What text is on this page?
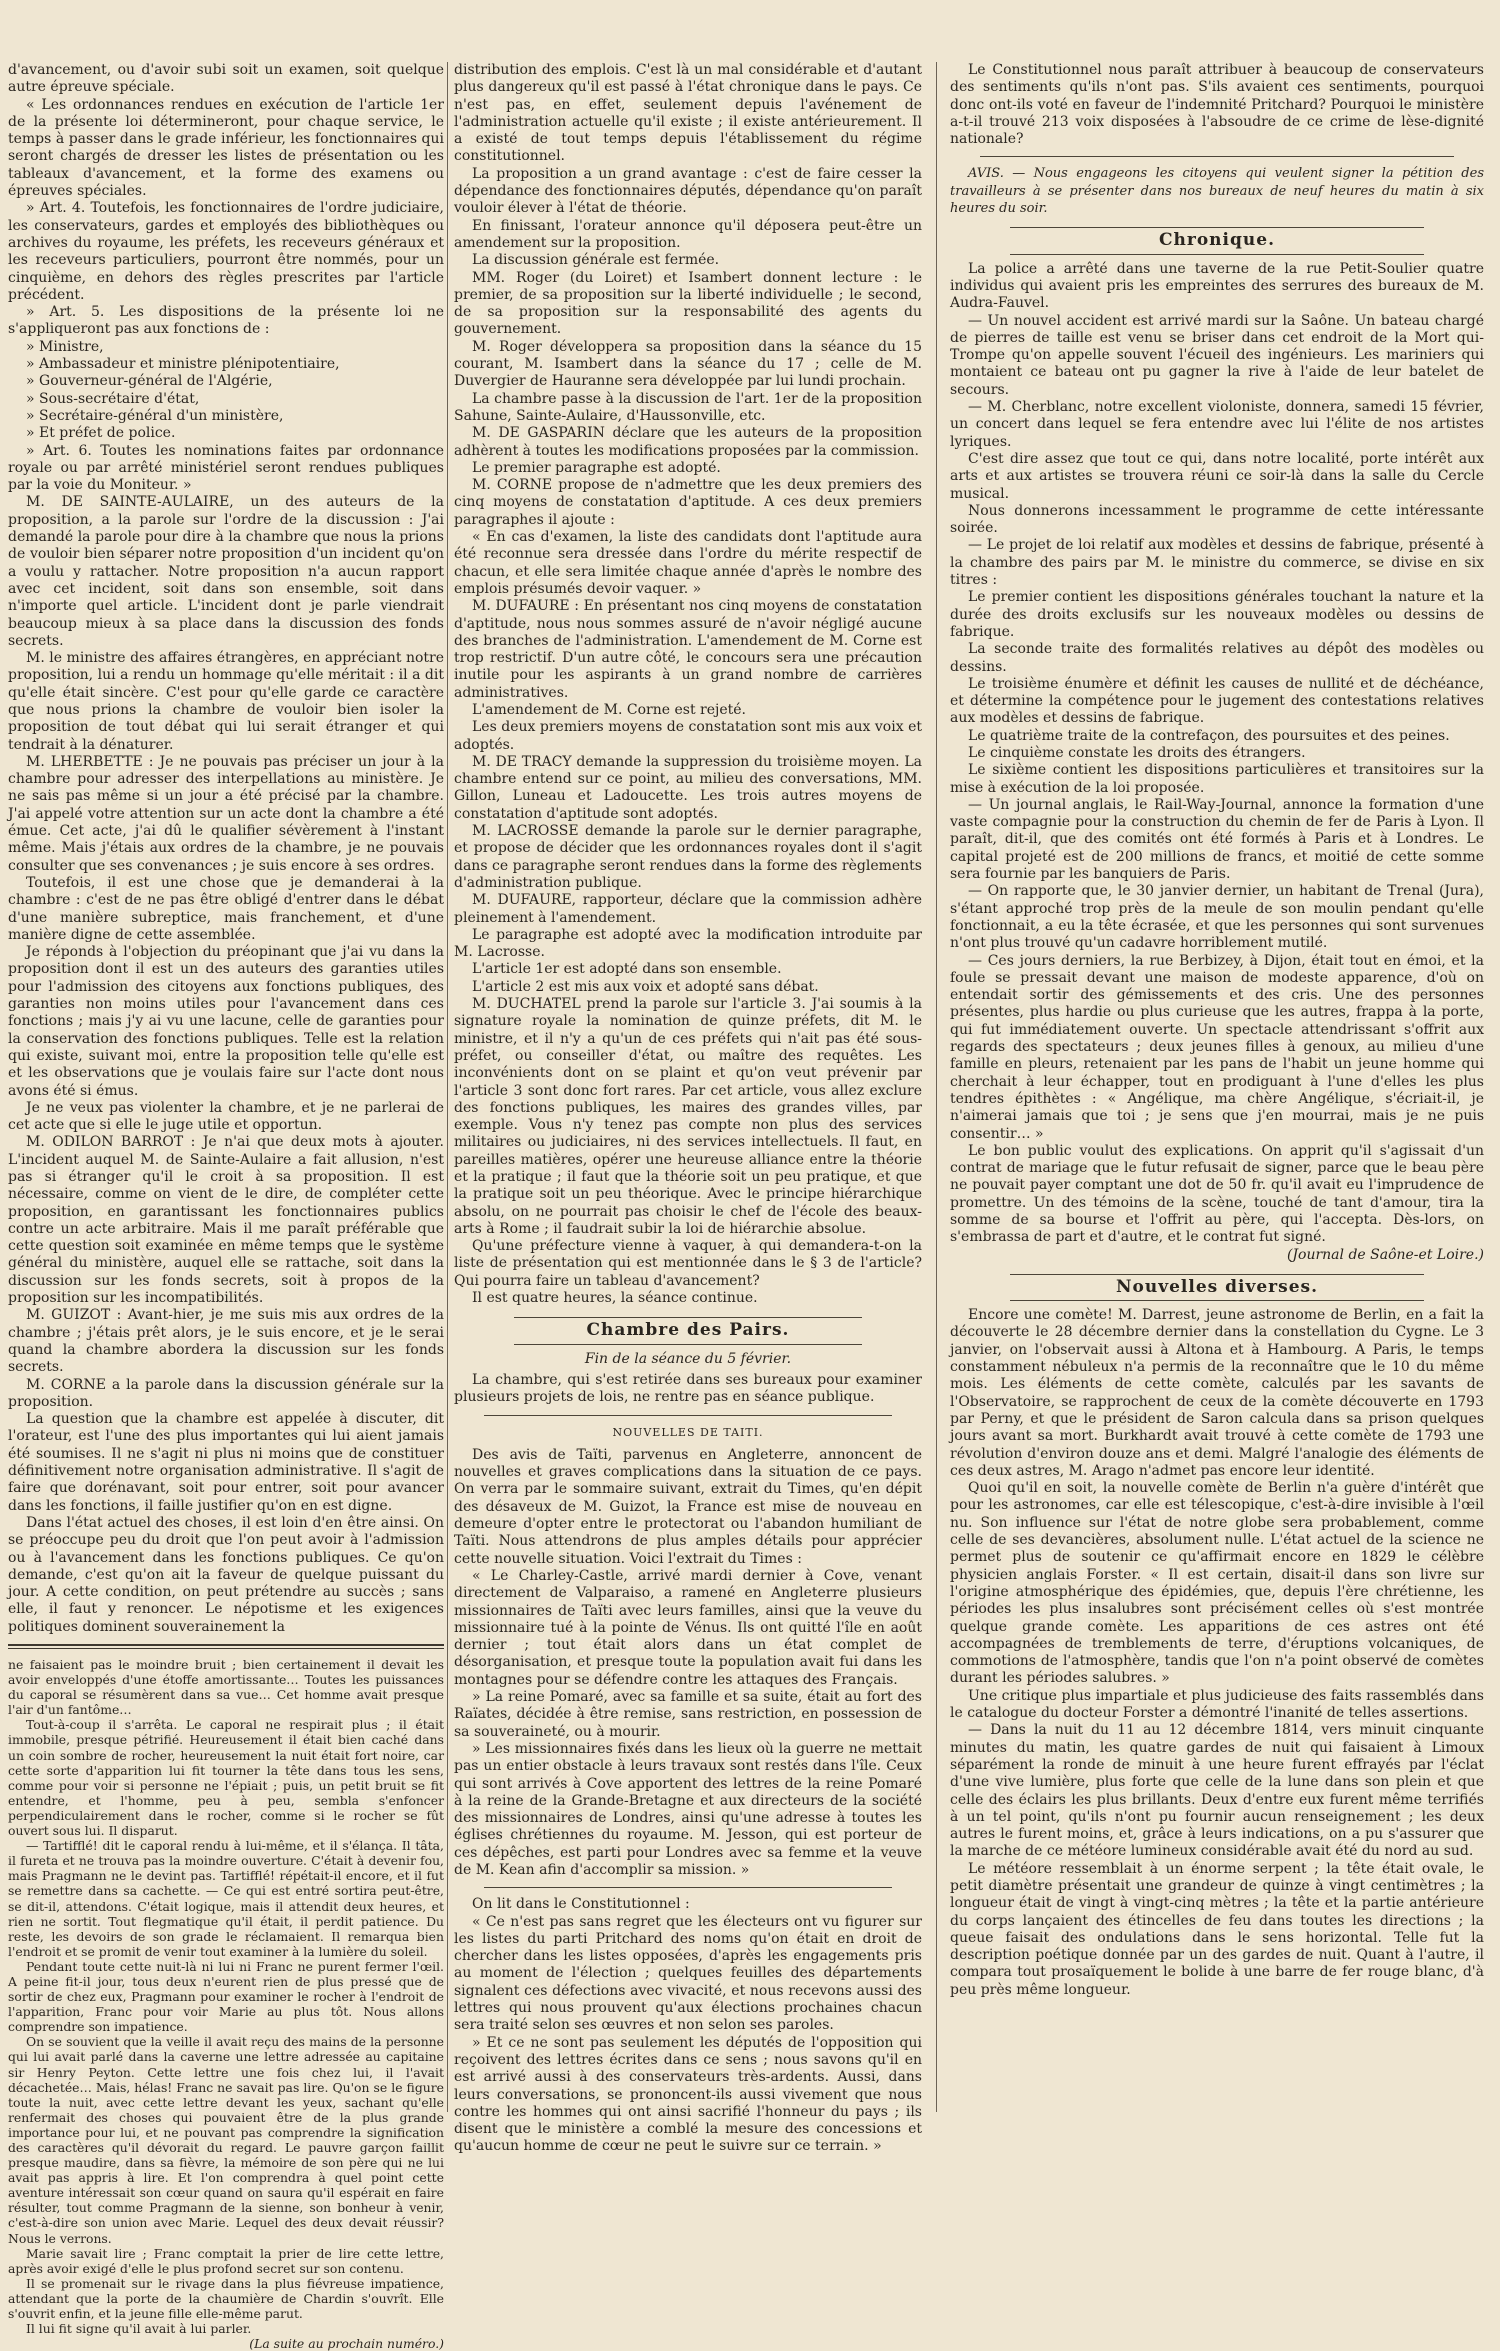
d'avancement, ou d'avoir subi soit un examen, soit quelque autre épreuve spéciale.

« Les ordonnances rendues en exécution de l'article 1er de la présente loi détermineront, pour chaque service, le temps à passer dans le grade inférieur, les fonctionnaires qui seront chargés de dresser les listes de présentation ou les tableaux d'avancement, et la forme des examens ou épreuves spéciales.

» Art. 4. Toutefois, les fonctionnaires de l'ordre judiciaire, les conservateurs, gardes et employés des bibliothèques ou archives du royaume, les préfets, les receveurs généraux et les receveurs particuliers, pourront être nommés, pour un cinquième, en dehors des règles prescrites par l'article précédent.

» Art. 5. Les dispositions de la présente loi ne s'appliqueront pas aux fonctions de :

» Ministre,

» Ambassadeur et ministre plénipotentiaire,

» Gouverneur-général de l'Algérie,

» Sous-secrétaire d'état,

» Secrétaire-général d'un ministère,

» Et préfet de police.

» Art. 6. Toutes les nominations faites par ordonnance royale ou par arrêté ministériel seront rendues publiques par la voie du Moniteur. »

M. DE SAINTE-AULAIRE, un des auteurs de la proposition, a la parole sur l'ordre de la discussion : J'ai demandé la parole pour dire à la chambre que nous la prions de vouloir bien séparer notre proposition d'un incident qu'on a voulu y rattacher. Notre proposition n'a aucun rapport avec cet incident, soit dans son ensemble, soit dans n'importe quel article. L'incident dont je parle viendrait beaucoup mieux à sa place dans la discussion des fonds secrets.

M. le ministre des affaires étrangères, en appréciant notre proposition, lui a rendu un hommage qu'elle méritait : il a dit qu'elle était sincère. C'est pour qu'elle garde ce caractère que nous prions la chambre de vouloir bien isoler la proposition de tout débat qui lui serait étranger et qui tendrait à la dénaturer.

M. LHERBETTE : Je ne pouvais pas préciser un jour à la chambre pour adresser des interpellations au ministère. Je ne sais pas même si un jour a été précisé par la chambre. J'ai appelé votre attention sur un acte dont la chambre a été émue. Cet acte, j'ai dû le qualifier sévèrement à l'instant même. Mais j'étais aux ordres de la chambre, je ne pouvais consulter que ses convenances ; je suis encore à ses ordres.

Toutefois, il est une chose que je demanderai à la chambre : c'est de ne pas être obligé d'entrer dans le débat d'une manière subreptice, mais franchement, et d'une manière digne de cette assemblée.

Je réponds à l'objection du préopinant que j'ai vu dans la proposition dont il est un des auteurs des garanties utiles pour l'admission des citoyens aux fonctions publiques, des garanties non moins utiles pour l'avancement dans ces fonctions ; mais j'y ai vu une lacune, celle de garanties pour la conservation des fonctions publiques. Telle est la relation qui existe, suivant moi, entre la proposition telle qu'elle est et les observations que je voulais faire sur l'acte dont nous avons été si émus.

Je ne veux pas violenter la chambre, et je ne parlerai de cet acte que si elle le juge utile et opportun.

M. ODILON BARROT : Je n'ai que deux mots à ajouter. L'incident auquel M. de Sainte-Aulaire a fait allusion, n'est pas si étranger qu'il le croit à sa proposition. Il est nécessaire, comme on vient de le dire, de compléter cette proposition, en garantissant les fonctionnaires publics contre un acte arbitraire. Mais il me paraît préférable que cette question soit examinée en même temps que le système général du ministère, auquel elle se rattache, soit dans la discussion sur les fonds secrets, soit à propos de la proposition sur les incompatibilités.

M. GUIZOT : Avant-hier, je me suis mis aux ordres de la chambre ; j'étais prêt alors, je le suis encore, et je le serai quand la chambre abordera la discussion sur les fonds secrets.

M. CORNE a la parole dans la discussion générale sur la proposition.

La question que la chambre est appelée à discuter, dit l'orateur, est l'une des plus importantes qui lui aient jamais été soumises. Il ne s'agit ni plus ni moins que de constituer définitivement notre organisation administrative. Il s'agit de faire que dorénavant, soit pour entrer, soit pour avancer dans les fonctions, il faille justifier qu'on en est digne.

Dans l'état actuel des choses, il est loin d'en être ainsi. On se préoccupe peu du droit que l'on peut avoir à l'admission ou à l'avancement dans les fonctions publiques. Ce qu'on demande, c'est qu'on ait la faveur de quelque puissant du jour. A cette condition, on peut prétendre au succès ; sans elle, il faut y renoncer. Le népotisme et les exigences politiques dominent souverainement la

ne faisaient pas le moindre bruit ; bien certainement il devait les avoir enveloppés d'une étoffe amortissante… Toutes les puissances du caporal se résumèrent dans sa vue… Cet homme avait presque l'air d'un fantôme…

Tout-à-coup il s'arrêta. Le caporal ne respirait plus ; il était immobile, presque pétrifié. Heureusement il était bien caché dans un coin sombre de rocher, heureusement la nuit était fort noire, car cette sorte d'apparition lui fit tourner la tête dans tous les sens, comme pour voir si personne ne l'épiait ; puis, un petit bruit se fit entendre, et l'homme, peu à peu, sembla s'enfoncer perpendiculairement dans le rocher, comme si le rocher se fût ouvert sous lui. Il disparut.

— Tartifflé! dit le caporal rendu à lui-même, et il s'élança. Il tâta, il fureta et ne trouva pas la moindre ouverture. C'était à devenir fou, mais Pragmann ne le devint pas. Tartifflé! répétait-il encore, et il fut se remettre dans sa cachette. — Ce qui est entré sortira peut-être, se dit-il, attendons. C'était logique, mais il attendit deux heures, et rien ne sortit. Tout flegmatique qu'il était, il perdit patience. Du reste, les devoirs de son grade le réclamaient. Il remarqua bien l'endroit et se promit de venir tout examiner à la lumière du soleil.

Pendant toute cette nuit-là ni lui ni Franc ne purent fermer l'œil. A peine fit-il jour, tous deux n'eurent rien de plus pressé que de sortir de chez eux, Pragmann pour examiner le rocher à l'endroit de l'apparition, Franc pour voir Marie au plus tôt. Nous allons comprendre son impatience.

On se souvient que la veille il avait reçu des mains de la personne qui lui avait parlé dans la caverne une lettre adressée au capitaine sir Henry Peyton. Cette lettre une fois chez lui, il l'avait décachetée… Mais, hélas! Franc ne savait pas lire. Qu'on se le figure toute la nuit, avec cette lettre devant les yeux, sachant qu'elle renfermait des choses qui pouvaient être de la plus grande importance pour lui, et ne pouvant pas comprendre la signification des caractères qu'il dévorait du regard. Le pauvre garçon faillit presque maudire, dans sa fièvre, la mémoire de son père qui ne lui avait pas appris à lire. Et l'on comprendra à quel point cette aventure intéressait son cœur quand on saura qu'il espérait en faire résulter, tout comme Pragmann de la sienne, son bonheur à venir, c'est-à-dire son union avec Marie. Lequel des deux devait réussir? Nous le verrons.

Marie savait lire ; Franc comptait la prier de lire cette lettre, après avoir exigé d'elle le plus profond secret sur son contenu.

Il se promenait sur le rivage dans la plus fiévreuse impatience, attendant que la porte de la chaumière de Chardin s'ouvrît. Elle s'ouvrit enfin, et la jeune fille elle-même parut.

Il lui fit signe qu'il avait à lui parler.

(La suite au prochain numéro.)

distribution des emplois. C'est là un mal considérable et d'autant plus dangereux qu'il est passé à l'état chronique dans le pays. Ce n'est pas, en effet, seulement depuis l'avénement de l'administration actuelle qu'il existe ; il existe antérieurement. Il a existé de tout temps depuis l'établissement du régime constitutionnel.

La proposition a un grand avantage : c'est de faire cesser la dépendance des fonctionnaires députés, dépendance qu'on paraît vouloir élever à l'état de théorie.

En finissant, l'orateur annonce qu'il déposera peut-être un amendement sur la proposition.

La discussion générale est fermée.

MM. Roger (du Loiret) et Isambert donnent lecture : le premier, de sa proposition sur la liberté individuelle ; le second, de sa proposition sur la responsabilité des agents du gouvernement.

M. Roger développera sa proposition dans la séance du 15 courant, M. Isambert dans la séance du 17 ; celle de M. Duvergier de Hauranne sera développée par lui lundi prochain.

La chambre passe à la discussion de l'art. 1er de la proposition Sahune, Sainte-Aulaire, d'Haussonville, etc.

M. DE GASPARIN déclare que les auteurs de la proposition adhèrent à toutes les modifications proposées par la commission.

Le premier paragraphe est adopté.

M. CORNE propose de n'admettre que les deux premiers des cinq moyens de constatation d'aptitude. A ces deux premiers paragraphes il ajoute :

« En cas d'examen, la liste des candidats dont l'aptitude aura été reconnue sera dressée dans l'ordre du mérite respectif de chacun, et elle sera limitée chaque année d'après le nombre des emplois présumés devoir vaquer. »

M. DUFAURE : En présentant nos cinq moyens de constatation d'aptitude, nous nous sommes assuré de n'avoir négligé aucune des branches de l'administration. L'amendement de M. Corne est trop restrictif. D'un autre côté, le concours sera une précaution inutile pour les aspirants à un grand nombre de carrières administratives.

L'amendement de M. Corne est rejeté.

Les deux premiers moyens de constatation sont mis aux voix et adoptés.

M. DE TRACY demande la suppression du troisième moyen. La chambre entend sur ce point, au milieu des conversations, MM. Gillon, Luneau et Ladoucette. Les trois autres moyens de constatation d'aptitude sont adoptés.

M. LACROSSE demande la parole sur le dernier paragraphe, et propose de décider que les ordonnances royales dont il s'agit dans ce paragraphe seront rendues dans la forme des règlements d'administration publique.

M. DUFAURE, rapporteur, déclare que la commission adhère pleinement à l'amendement.

Le paragraphe est adopté avec la modification introduite par M. Lacrosse.

L'article 1er est adopté dans son ensemble.

L'article 2 est mis aux voix et adopté sans débat.

M. DUCHATEL prend la parole sur l'article 3. J'ai soumis à la signature royale la nomination de quinze préfets, dit M. le ministre, et il n'y a qu'un de ces préfets qui n'ait pas été sous-préfet, ou conseiller d'état, ou maître des requêtes. Les inconvénients dont on se plaint et qu'on veut prévenir par l'article 3 sont donc fort rares. Par cet article, vous allez exclure des fonctions publiques, les maires des grandes villes, par exemple. Vous n'y tenez pas compte non plus des services militaires ou judiciaires, ni des services intellectuels. Il faut, en pareilles matières, opérer une heureuse alliance entre la théorie et la pratique ; il faut que la théorie soit un peu pratique, et que la pratique soit un peu théorique. Avec le principe hiérarchique absolu, on ne pourrait pas choisir le chef de l'école des beaux-arts à Rome ; il faudrait subir la loi de hiérarchie absolue.

Qu'une préfecture vienne à vaquer, à qui demandera-t-on la liste de présentation qui est mentionnée dans le § 3 de l'article? Qui pourra faire un tableau d'avancement?

Il est quatre heures, la séance continue.

Chambre des Pairs.
Fin de la séance du 5 février.

La chambre, qui s'est retirée dans ses bureaux pour examiner plusieurs projets de lois, ne rentre pas en séance publique.

NOUVELLES DE TAITI.

Des avis de Taïti, parvenus en Angleterre, annoncent de nouvelles et graves complications dans la situation de ce pays. On verra par le sommaire suivant, extrait du Times, qu'en dépit des désaveux de M. Guizot, la France est mise de nouveau en demeure d'opter entre le protectorat ou l'abandon humiliant de Taïti. Nous attendrons de plus amples détails pour apprécier cette nouvelle situation. Voici l'extrait du Times :

« Le Charley-Castle, arrivé mardi dernier à Cove, venant directement de Valparaiso, a ramené en Angleterre plusieurs missionnaires de Taïti avec leurs familles, ainsi que la veuve du missionnaire tué à la pointe de Vénus. Ils ont quitté l'île en août dernier ; tout était alors dans un état complet de désorganisation, et presque toute la population avait fui dans les montagnes pour se défendre contre les attaques des Français.

» La reine Pomaré, avec sa famille et sa suite, était au fort des Raïates, décidée à être remise, sans restriction, en possession de sa souveraineté, ou à mourir.

» Les missionnaires fixés dans les lieux où la guerre ne mettait pas un entier obstacle à leurs travaux sont restés dans l'île. Ceux qui sont arrivés à Cove apportent des lettres de la reine Pomaré à la reine de la Grande-Bretagne et aux directeurs de la société des missionnaires de Londres, ainsi qu'une adresse à toutes les églises chrétiennes du royaume. M. Jesson, qui est porteur de ces dépêches, est parti pour Londres avec sa femme et la veuve de M. Kean afin d'accomplir sa mission. »

On lit dans le Constitutionnel :

« Ce n'est pas sans regret que les électeurs ont vu figurer sur les listes du parti Pritchard des noms qu'on était en droit de chercher dans les listes opposées, d'après les engagements pris au moment de l'élection ; quelques feuilles des départements signalent ces défections avec vivacité, et nous recevons aussi des lettres qui nous prouvent qu'aux élections prochaines chacun sera traité selon ses œuvres et non selon ses paroles.

» Et ce ne sont pas seulement les députés de l'opposition qui reçoivent des lettres écrites dans ce sens ; nous savons qu'il en est arrivé aussi à des conservateurs très-ardents. Aussi, dans leurs conversations, se prononcent-ils aussi vivement que nous contre les hommes qui ont ainsi sacrifié l'honneur du pays ; ils disent que le ministère a comblé la mesure des concessions et qu'aucun homme de cœur ne peut le suivre sur ce terrain. »

Le Constitutionnel nous paraît attribuer à beaucoup de conservateurs des sentiments qu'ils n'ont pas. S'ils avaient ces sentiments, pourquoi donc ont-ils voté en faveur de l'indemnité Pritchard? Pourquoi le ministère a-t-il trouvé 213 voix disposées à l'absoudre de ce crime de lèse-dignité nationale?

AVIS. — Nous engageons les citoyens qui veulent signer la pétition des travailleurs à se présenter dans nos bureaux de neuf heures du matin à six heures du soir.

Chronique.

La police a arrêté dans une taverne de la rue Petit-Soulier quatre individus qui avaient pris les empreintes des serrures des bureaux de M. Audra-Fauvel.

— Un nouvel accident est arrivé mardi sur la Saône. Un bateau chargé de pierres de taille est venu se briser dans cet endroit de la Mort qui-Trompe qu'on appelle souvent l'écueil des ingénieurs. Les mariniers qui montaient ce bateau ont pu gagner la rive à l'aide de leur batelet de secours.

— M. Cherblanc, notre excellent violoniste, donnera, samedi 15 février, un concert dans lequel se fera entendre avec lui l'élite de nos artistes lyriques.

C'est dire assez que tout ce qui, dans notre localité, porte intérêt aux arts et aux artistes se trouvera réuni ce soir-là dans la salle du Cercle musical.

Nous donnerons incessamment le programme de cette intéressante soirée.

— Le projet de loi relatif aux modèles et dessins de fabrique, présenté à la chambre des pairs par M. le ministre du commerce, se divise en six titres :

Le premier contient les dispositions générales touchant la nature et la durée des droits exclusifs sur les nouveaux modèles ou dessins de fabrique.

La seconde traite des formalités relatives au dépôt des modèles ou dessins.

Le troisième énumère et définit les causes de nullité et de déchéance, et détermine la compétence pour le jugement des contestations relatives aux modèles et dessins de fabrique.

Le quatrième traite de la contrefaçon, des poursuites et des peines.

Le cinquième constate les droits des étrangers.

Le sixième contient les dispositions particulières et transitoires sur la mise à exécution de la loi proposée.

— Un journal anglais, le Rail-Way-Journal, annonce la formation d'une vaste compagnie pour la construction du chemin de fer de Paris à Lyon. Il paraît, dit-il, que des comités ont été formés à Paris et à Londres. Le capital projeté est de 200 millions de francs, et moitié de cette somme sera fournie par les banquiers de Paris.

— On rapporte que, le 30 janvier dernier, un habitant de Trenal (Jura), s'étant approché trop près de la meule de son moulin pendant qu'elle fonctionnait, a eu la tête écrasée, et que les personnes qui sont survenues n'ont plus trouvé qu'un cadavre horriblement mutilé.

— Ces jours derniers, la rue Berbizey, à Dijon, était tout en émoi, et la foule se pressait devant une maison de modeste apparence, d'où on entendait sortir des gémissements et des cris. Une des personnes présentes, plus hardie ou plus curieuse que les autres, frappa à la porte, qui fut immédiatement ouverte. Un spectacle attendrissant s'offrit aux regards des spectateurs ; deux jeunes filles à genoux, au milieu d'une famille en pleurs, retenaient par les pans de l'habit un jeune homme qui cherchait à leur échapper, tout en prodiguant à l'une d'elles les plus tendres épithètes : « Angélique, ma chère Angélique, s'écriait-il, je n'aimerai jamais que toi ; je sens que j'en mourrai, mais je ne puis consentir… »

Le bon public voulut des explications. On apprit qu'il s'agissait d'un contrat de mariage que le futur refusait de signer, parce que le beau père ne pouvait payer comptant une dot de 50 fr. qu'il avait eu l'imprudence de promettre. Un des témoins de la scène, touché de tant d'amour, tira la somme de sa bourse et l'offrit au père, qui l'accepta. Dès-lors, on s'embrassa de part et d'autre, et le contrat fut signé.

(Journal de Saône-et Loire.)

Nouvelles diverses.

Encore une comète! M. Darrest, jeune astronome de Berlin, en a fait la découverte le 28 décembre dernier dans la constellation du Cygne. Le 3 janvier, on l'observait aussi à Altona et à Hambourg. A Paris, le temps constamment nébuleux n'a permis de la reconnaître que le 10 du même mois. Les éléments de cette comète, calculés par les savants de l'Observatoire, se rapprochent de ceux de la comète découverte en 1793 par Perny, et que le président de Saron calcula dans sa prison quelques jours avant sa mort. Burkhardt avait trouvé à cette comète de 1793 une révolution d'environ douze ans et demi. Malgré l'analogie des éléments de ces deux astres, M. Arago n'admet pas encore leur identité.

Quoi qu'il en soit, la nouvelle comète de Berlin n'a guère d'intérêt que pour les astronomes, car elle est télescopique, c'est-à-dire invisible à l'œil nu. Son influence sur l'état de notre globe sera probablement, comme celle de ses devancières, absolument nulle. L'état actuel de la science ne permet plus de soutenir ce qu'affirmait encore en 1829 le célèbre physicien anglais Forster. « Il est certain, disait-il dans son livre sur l'origine atmosphérique des épidémies, que, depuis l'ère chrétienne, les périodes les plus insalubres sont précisément celles où s'est montrée quelque grande comète. Les apparitions de ces astres ont été accompagnées de tremblements de terre, d'éruptions volcaniques, de commotions de l'atmosphère, tandis que l'on n'a point observé de comètes durant les périodes salubres. »

Une critique plus impartiale et plus judicieuse des faits rassemblés dans le catalogue du docteur Forster a démontré l'inanité de telles assertions.

— Dans la nuit du 11 au 12 décembre 1814, vers minuit cinquante minutes du matin, les quatre gardes de nuit qui faisaient à Limoux séparément la ronde de minuit à une heure furent effrayés par l'éclat d'une vive lumière, plus forte que celle de la lune dans son plein et que celle des éclairs les plus brillants. Deux d'entre eux furent même terrifiés à un tel point, qu'ils n'ont pu fournir aucun renseignement ; les deux autres le furent moins, et, grâce à leurs indications, on a pu s'assurer que la marche de ce météore lumineux considérable avait été du nord au sud.

Le météore ressemblait à un énorme serpent ; la tête était ovale, le petit diamètre présentait une grandeur de quinze à vingt centimètres ; la longueur était de vingt à vingt-cinq mètres ; la tête et la partie antérieure du corps lançaient des étincelles de feu dans toutes les directions ; la queue faisait des ondulations dans le sens horizontal. Telle fut la description poétique donnée par un des gardes de nuit. Quant à l'autre, il compara tout prosaïquement le bolide à une barre de fer rouge blanc, d'à peu près même longueur.
